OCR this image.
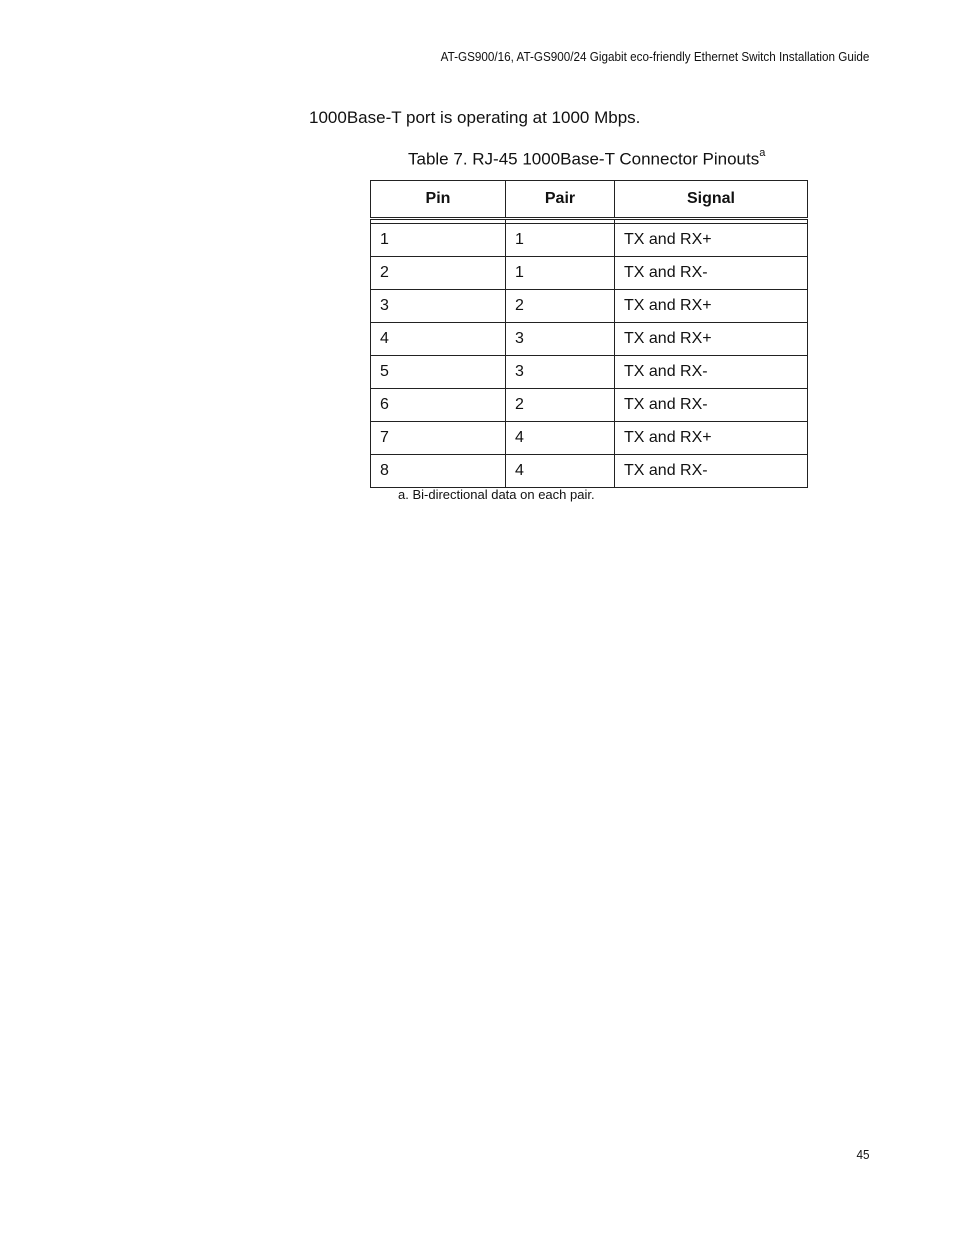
AT-GS900/16, AT-GS900/24 Gigabit eco-friendly Ethernet Switch Installation Guide
1000Base-T port is operating at 1000 Mbps.
Table 7. RJ-45 1000Base-T Connector Pinouts$^a$
Pin	Pair	Signal

1	1	TX and RX+
2	1	TX and RX-
3	2	TX and RX+
4	3	TX and RX+
5	3	TX and RX-
6	2	TX and RX-
7	4	TX and RX+
8	4	TX and RX-
a. Bi-directional data on each pair.
45
